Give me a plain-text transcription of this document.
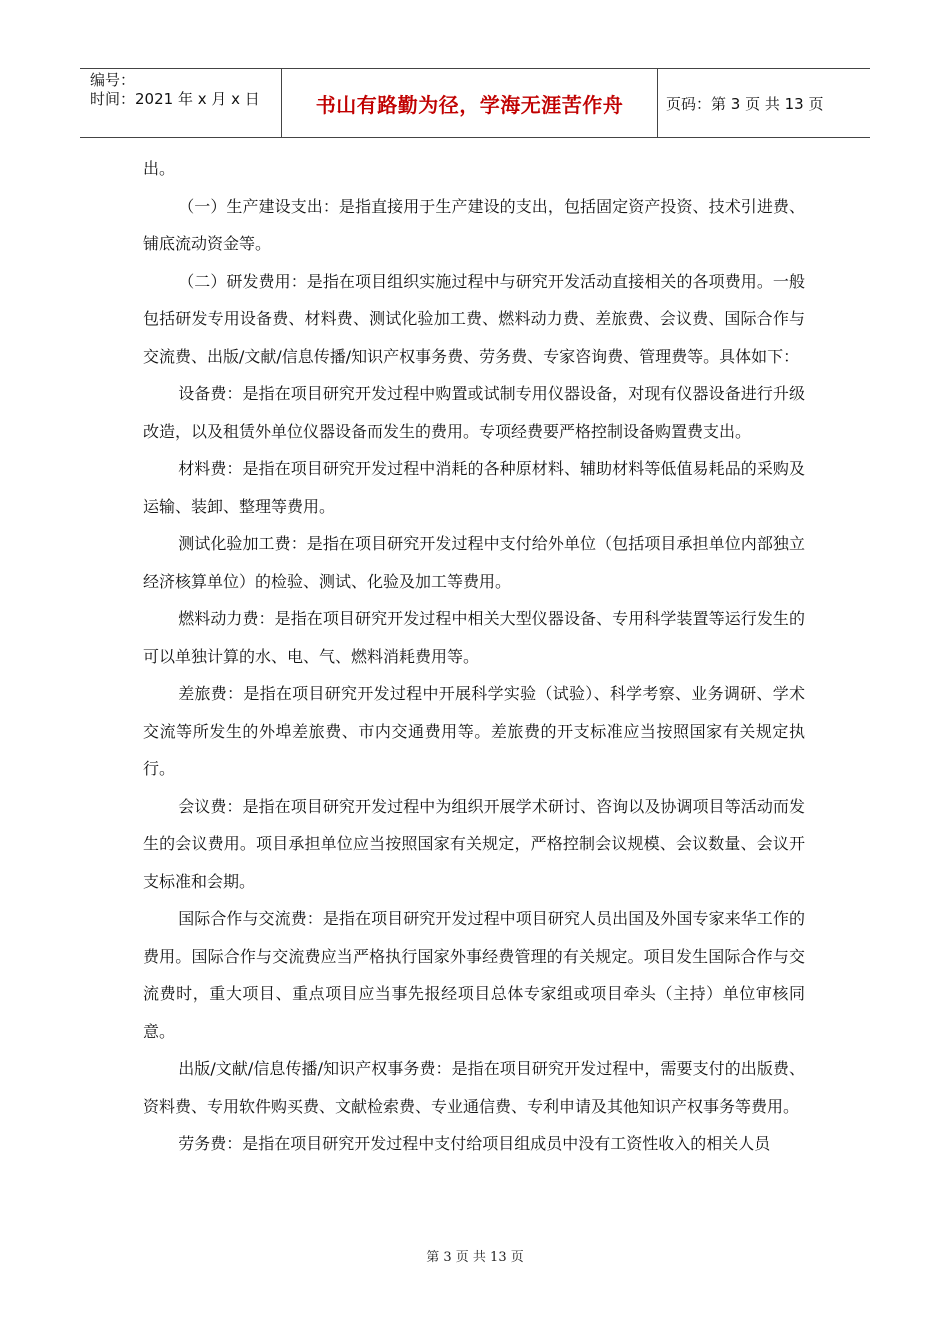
编号：
时间：2021 年 x 月 x 日	书山有路勤为径，学海无涯苦作舟	页码：第 3 页 共 13 页

出。

（一）生产建设支出：是指直接用于生产建设的支出，包括固定资产投资、技术引进费、铺底流动资金等。

（二）研发费用：是指在项目组织实施过程中与研究开发活动直接相关的各项费用。一般包括研发专用设备费、材料费、测试化验加工费、燃料动力费、差旅费、会议费、国际合作与交流费、出版/文献/信息传播/知识产权事务费、劳务费、专家咨询费、管理费等。具体如下：

设备费：是指在项目研究开发过程中购置或试制专用仪器设备，对现有仪器设备进行升级改造，以及租赁外单位仪器设备而发生的费用。专项经费要严格控制设备购置费支出。

材料费：是指在项目研究开发过程中消耗的各种原材料、辅助材料等低值易耗品的采购及运输、装卸、整理等费用。

测试化验加工费：是指在项目研究开发过程中支付给外单位（包括项目承担单位内部独立经济核算单位）的检验、测试、化验及加工等费用。

燃料动力费：是指在项目研究开发过程中相关大型仪器设备、专用科学装置等运行发生的可以单独计算的水、电、气、燃料消耗费用等。

差旅费：是指在项目研究开发过程中开展科学实验（试验）、科学考察、业务调研、学术交流等所发生的外埠差旅费、市内交通费用等。差旅费的开支标准应当按照国家有关规定执行。

会议费：是指在项目研究开发过程中为组织开展学术研讨、咨询以及协调项目等活动而发生的会议费用。项目承担单位应当按照国家有关规定，严格控制会议规模、会议数量、会议开支标准和会期。

国际合作与交流费：是指在项目研究开发过程中项目研究人员出国及外国专家来华工作的费用。国际合作与交流费应当严格执行国家外事经费管理的有关规定。项目发生国际合作与交流费时，重大项目、重点项目应当事先报经项目总体专家组或项目牵头（主持）单位审核同意。

出版/文献/信息传播/知识产权事务费：是指在项目研究开发过程中，需要支付的出版费、资料费、专用软件购买费、文献检索费、专业通信费、专利申请及其他知识产权事务等费用。

劳务费：是指在项目研究开发过程中支付给项目组成员中没有工资性收入的相关人员

第 3 页 共 13 页
